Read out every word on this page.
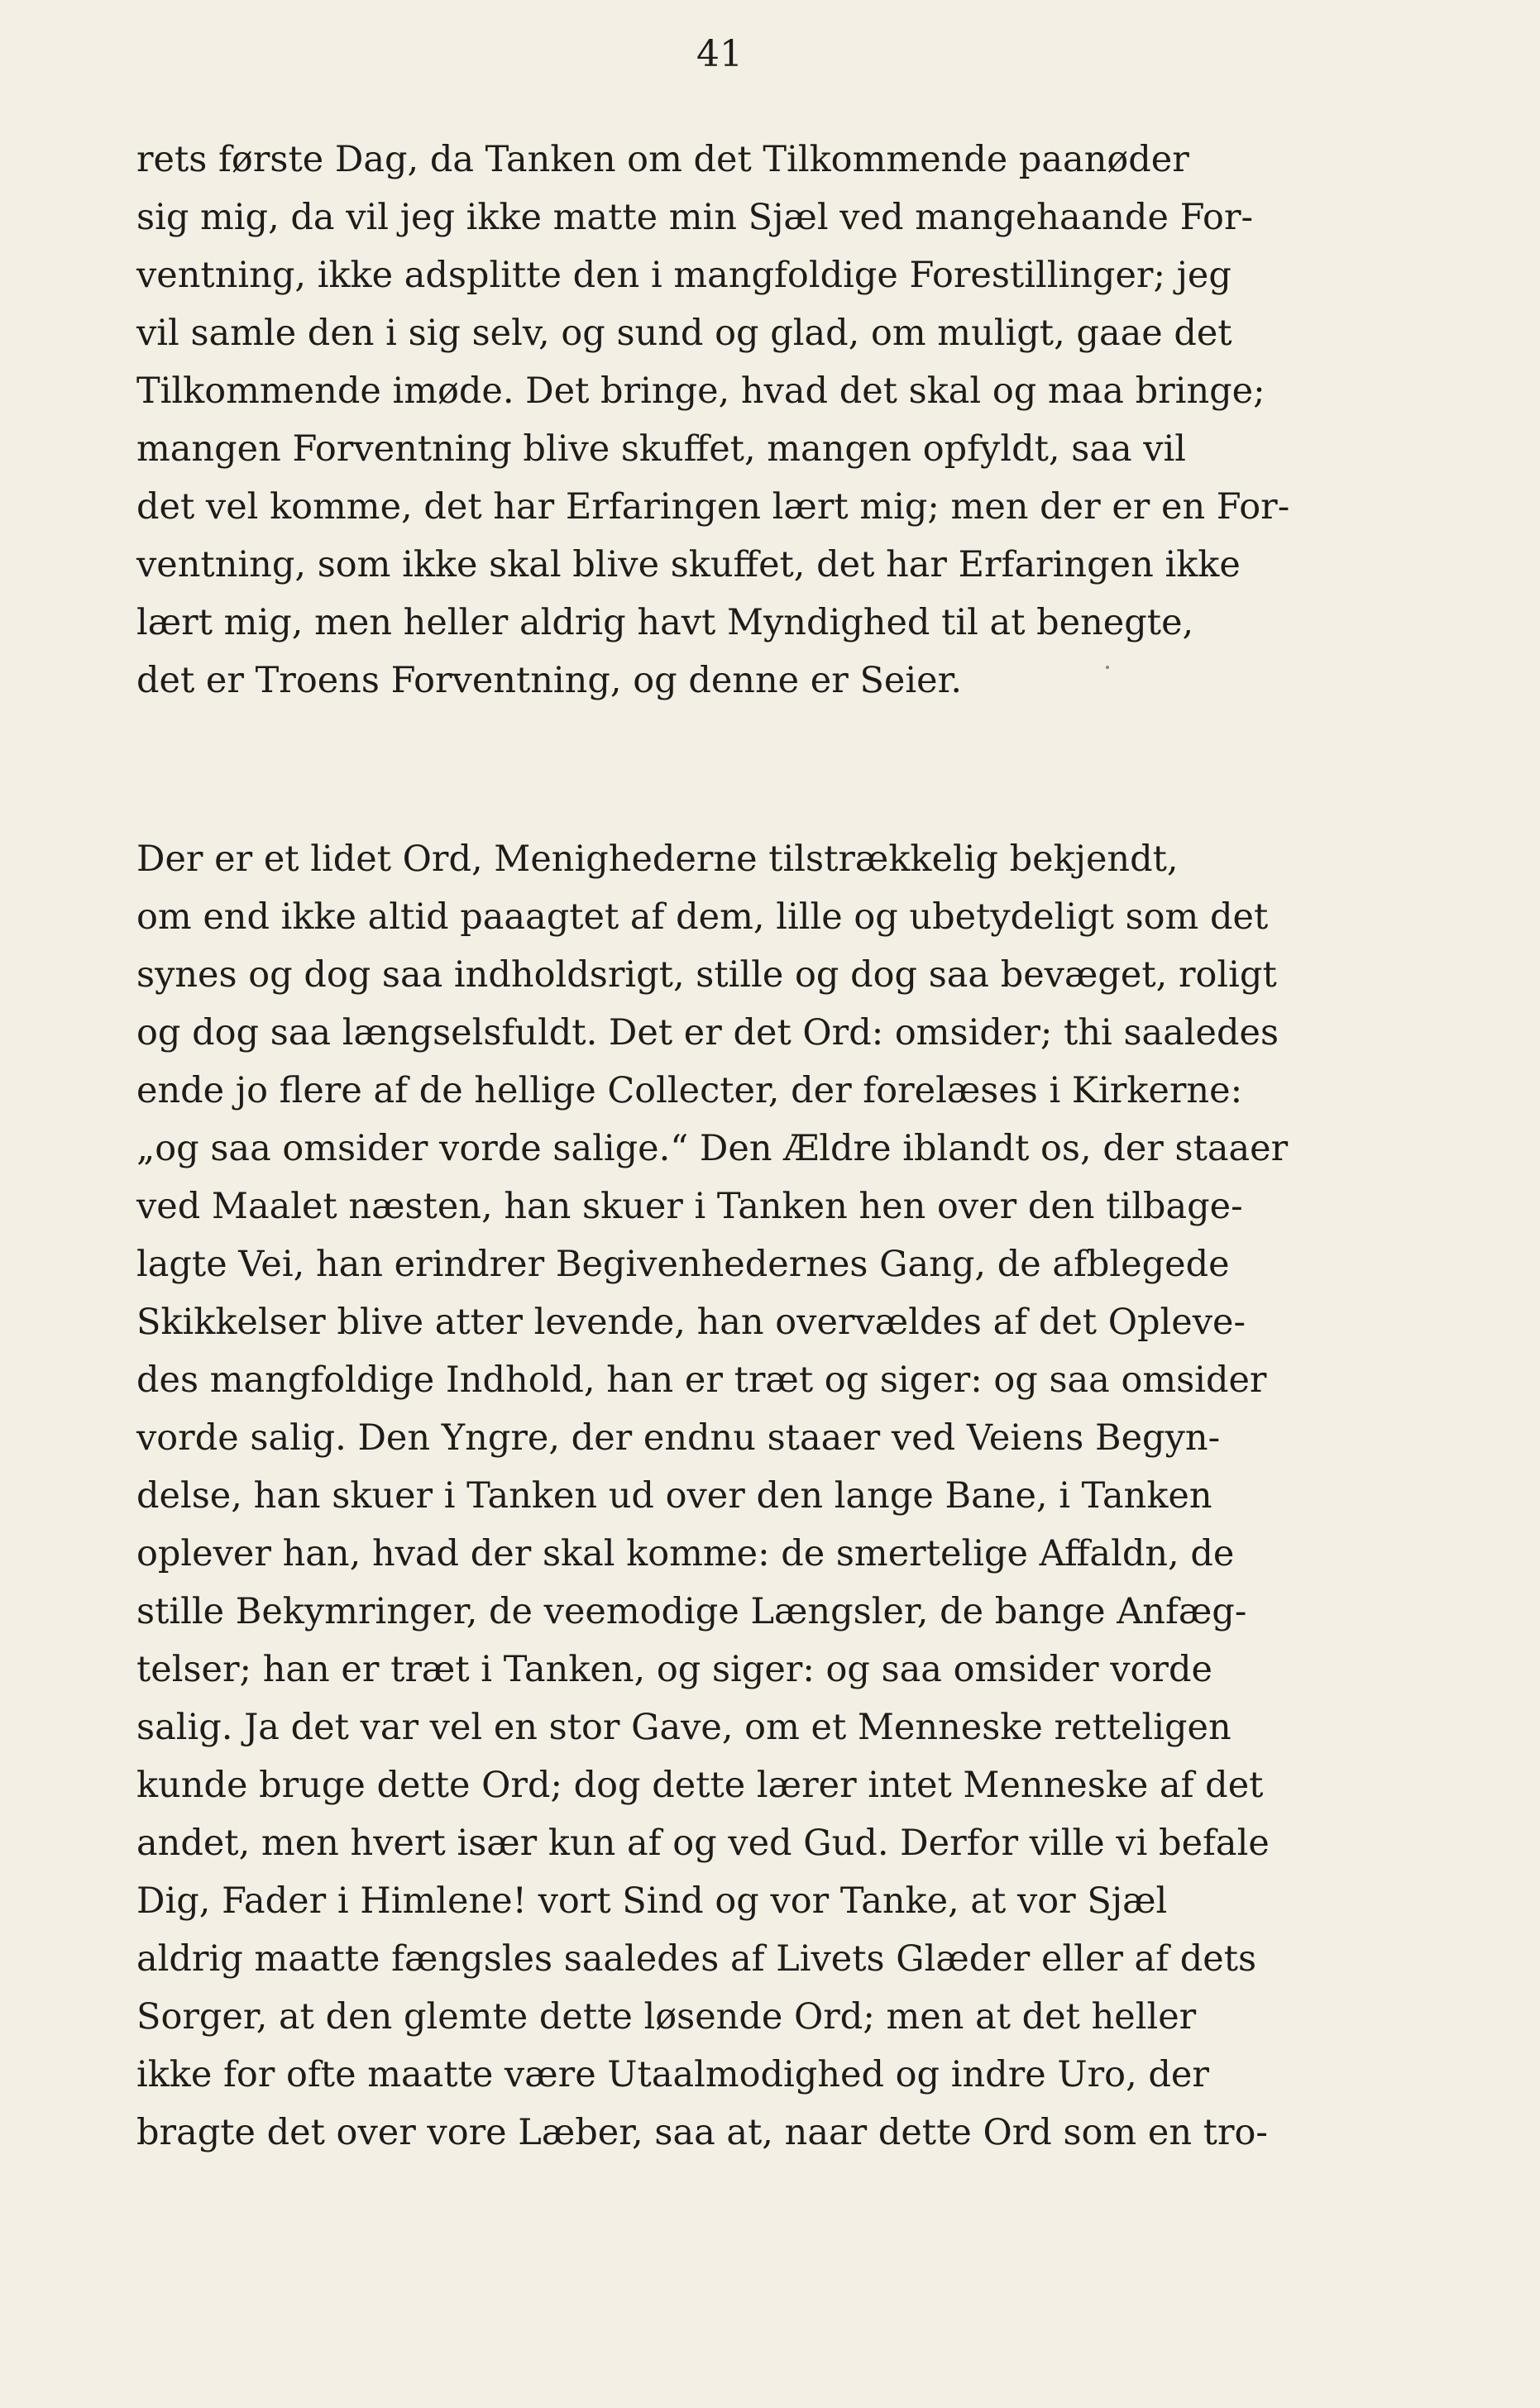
41
rets første Dag, da Tanken om det Tilkommende paanøder
sig mig, da vil jeg ikke matte min Sjæl ved mangehaande For-
ventning, ikke adsplitte den i mangfoldige Forestillinger; jeg
vil samle den i sig selv, og sund og glad, om muligt, gaae det
Tilkommende imøde. Det bringe, hvad det skal og maa bringe;
mangen Forventning blive skuffet, mangen opfyldt, saa vil
det vel komme, det har Erfaringen lært mig; men der er en For-
ventning, som ikke skal blive skuffet, det har Erfaringen ikke
lært mig, men heller aldrig havt Myndighed til at benegte,
det er Troens Forventning, og denne er Seier.
Der er et lidet Ord, Menighederne tilstrækkelig bekjendt,
om end ikke altid paaagtet af dem, lille og ubetydeligt som det
synes og dog saa indholdsrigt, stille og dog saa bevæget, roligt
og dog saa længselsfuldt. Det er det Ord: omsider; thi saaledes
ende jo flere af de hellige Collecter, der forelæses i Kirkerne:
„og saa omsider vorde salige.“ Den Ældre iblandt os, der staaer
ved Maalet næsten, han skuer i Tanken hen over den tilbage-
lagte Vei, han erindrer Begivenhedernes Gang, de afblegede
Skikkelser blive atter levende, han overvældes af det Oplevе-
des mangfoldige Indhold, han er træt og siger: og saa omsider
vorde salig. Den Yngre, der endnu staaer ved Veiens Begyn-
delse, han skuer i Tanken ud over den lange Bane, i Tanken
oplever han, hvad der skal komme: de smertelige Affaldn, de
stille Bekymringer, de veemodige Længsler, de bange Anfæg-
telser; han er træt i Tanken, og siger: og saa omsider vorde
salig. Ja det var vel en stor Gave, om et Menneske retteligen
kunde bruge dette Ord; dog dette lærer intet Menneske af det
andet, men hvert især kun af og ved Gud. Derfor ville vi befale
Dig, Fader i Himlene! vort Sind og vor Tanke, at vor Sjæl
aldrig maatte fængsles saaledes af Livets Glæder eller af dets
Sorger, at den glemte dette løsende Ord; men at det heller
ikke for ofte maatte være Utaalmodighed og indre Uro, der
bragte det over vore Læber, saa at, naar dette Ord som en tro-
